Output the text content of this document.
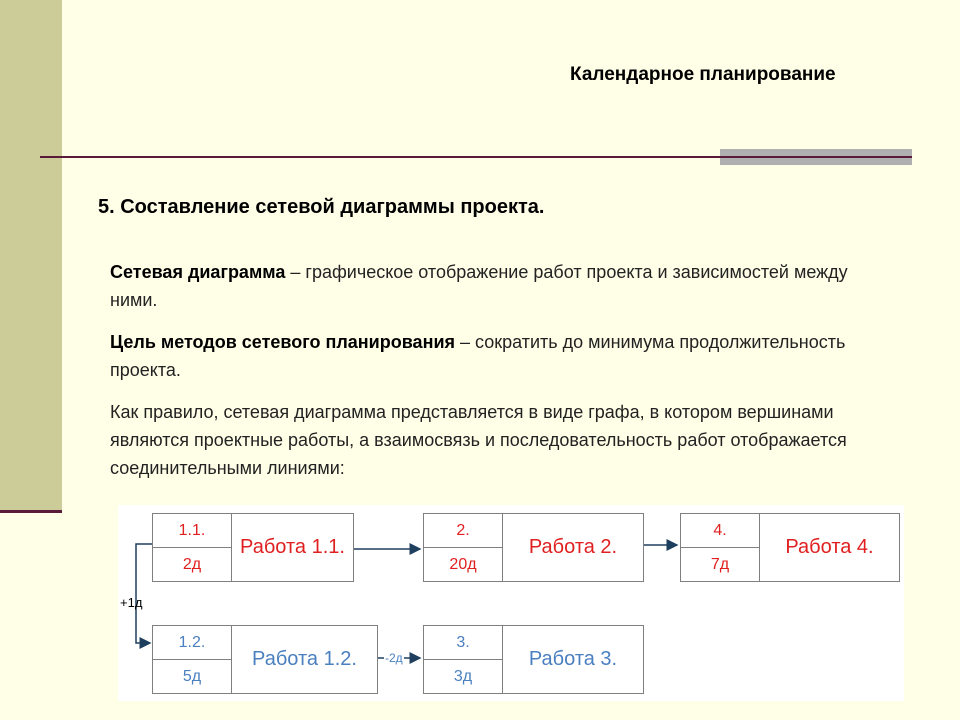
Календарное планирование
5. Составление сетевой диаграммы проекта.
Сетевая диаграмма – графическое отображение работ проекта и зависимостей между ними.
Цель методов сетевого планирования – сократить до минимума продолжительность проекта.
Как правило, сетевая диаграмма представляется в виде графа, в котором вершинами являются проектные работы, а взаимосвязь и последовательность работ отображается соединительными линиями:
1.1.
2д
Работа 1.1.
2.
20д
Работа 2.
4.
7д
Работа 4.
1.2.
5д
Работа 1.2.
3.
3д
Работа 3.
+1д
-2д
